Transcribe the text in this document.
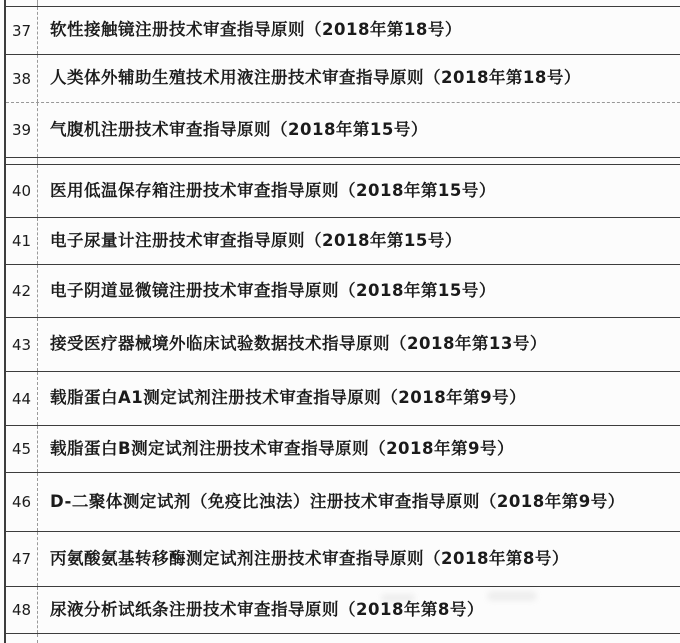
37	软性接触镜注册技术审查指导原则（2018年第18号）
38	人类体外辅助生殖技术用液注册技术审查指导原则（2018年第18号）
39	气腹机注册技术审查指导原则（2018年第15号）
40	医用低温保存箱注册技术审查指导原则（2018年第15号）
41	电子尿量计注册技术审查指导原则（2018年第15号）
42	电子阴道显微镜注册技术审查指导原则（2018年第15号）
43	接受医疗器械境外临床试验数据技术指导原则（2018年第13号）
44	载脂蛋白A1测定试剂注册技术审查指导原则（2018年第9号）
45	载脂蛋白B测定试剂注册技术审查指导原则（2018年第9号）
46	D-二聚体测定试剂（免疫比浊法）注册技术审查指导原则（2018年第9号）
47	丙氨酸氨基转移酶测定试剂注册技术审查指导原则（2018年第8号）
48	尿液分析试纸条注册技术审查指导原则（2018年第8号）
